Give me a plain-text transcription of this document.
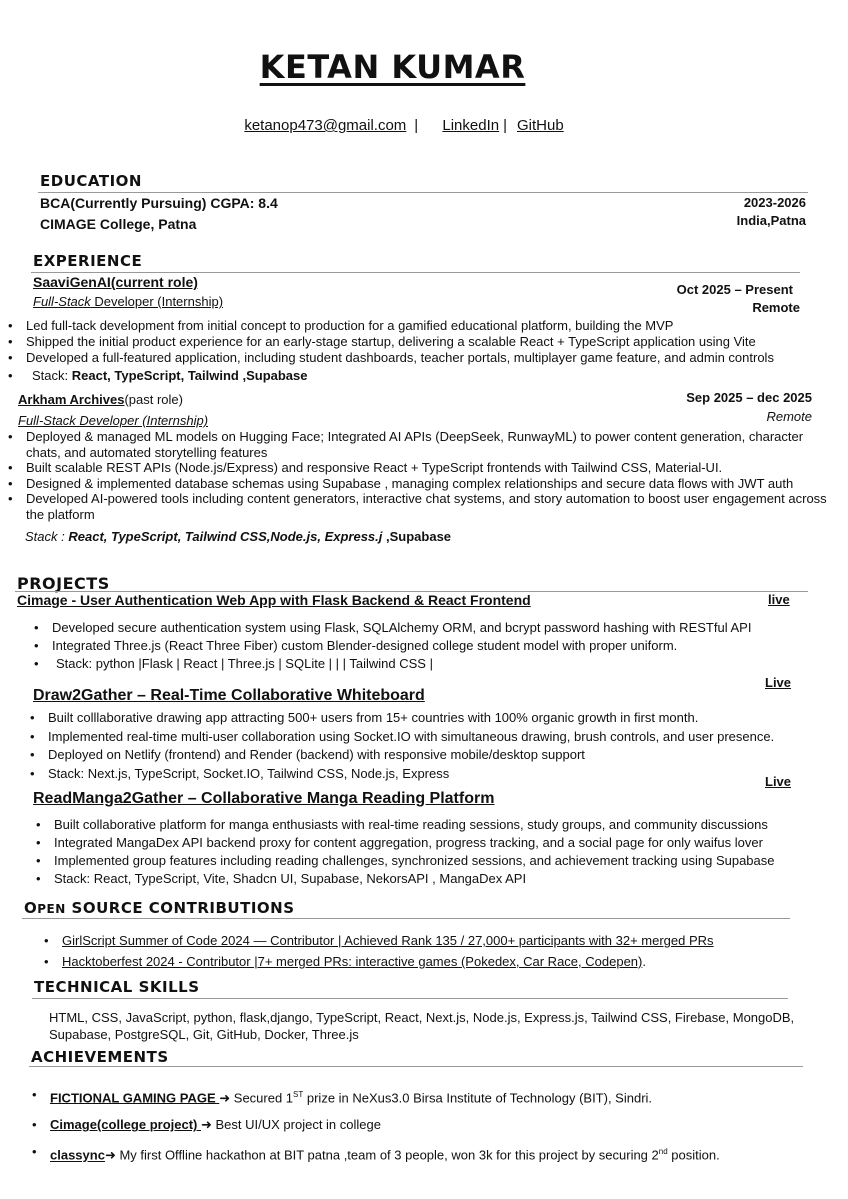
KETAN KUMAR
ketanop473@gmail.com | LinkedIn | GitHub
EDUCATION
BCA(Currently Pursuing) CGPA: 8.4	2023-2026
CIMAGE College, Patna	India,Patna
EXPERIENCE
SaaviGenAI(current role)
Full-Stack Developer (Internship)
Oct 2025 – Present
Remote
• Led full-tack development from initial concept to production for a gamified educational platform, building the MVP
• Shipped the initial product experience for an early-stage startup, delivering a scalable React + TypeScript application using Vite
• Developed a full-featured application, including student dashboards, teacher portals, multiplayer game feature, and admin controls
• Stack: React, TypeScript, Tailwind ,Supabase
Arkham Archives(past role)	Sep 2025 – dec 2025
Remote
Full-Stack Developer (Internship)
• Deployed & managed ML models on Hugging Face; Integrated AI APIs (DeepSeek, RunwayML) to power content generation, character chats, and automated storytelling features
• Built scalable REST APIs (Node.js/Express) and responsive React + TypeScript frontends with Tailwind CSS, Material-UI.
• Designed & implemented database schemas using Supabase , managing complex relationships and secure data flows with JWT auth
• Developed AI-powered tools including content generators, interactive chat systems, and story automation to boost user engagement across the platform
Stack : React, TypeScript, Tailwind CSS,Node.js, Express.j ,Supabase
PROJECTS
Cimage - User Authentication Web App with Flask Backend & React Frontend	live
• Developed secure authentication system using Flask, SQLAlchemy ORM, and bcrypt password hashing with RESTful API
• Integrated Three.js (React Three Fiber) custom Blender-designed college student model with proper uniform.
• Stack: python |Flask | React | Three.js | SQLite | | | Tailwind CSS |
Live
Draw2Gather – Real-Time Collaborative Whiteboard
• Built colllaborative drawing app attracting 500+ users from 15+ countries with 100% organic growth in first month.
• Implemented real-time multi-user collaboration using Socket.IO with simultaneous drawing, brush controls, and user presence.
• Deployed on Netlify (frontend) and Render (backend) with responsive mobile/desktop support
• Stack: Next.js, TypeScript, Socket.IO, Tailwind CSS, Node.js, Express
Live
ReadManga2Gather – Collaborative Manga Reading Platform
• Built collaborative platform for manga enthusiasts with real-time reading sessions, study groups, and community discussions
• Integrated MangaDex API backend proxy for content aggregation, progress tracking, and a social page for only waifus lover
• Implemented group features including reading challenges, synchronized sessions, and achievement tracking using Supabase
• Stack: React, TypeScript, Vite, Shadcn UI, Supabase, NekorsAPI , MangaDex API
OPEN SOURCE CONTRIBUTIONS
• GirlScript Summer of Code 2024 — Contributor | Achieved Rank 135 / 27,000+ participants with 32+ merged PRs
• Hacktoberfest 2024 - Contributor |7+ merged PRs: interactive games (Pokedex, Car Race, Codepen).
TECHNICAL SKILLS
HTML, CSS, JavaScript, python, flask,django, TypeScript, React, Next.js, Node.js, Express.js, Tailwind CSS, Firebase, MongoDB, Supabase, PostgreSQL, Git, GitHub, Docker, Three.js
ACHIEVEMENTS
• FICTIONAL GAMING PAGE ➜ Secured 1ST prize in NeXus3.0 Birsa Institute of Technology (BIT), Sindri.
• Cimage(college project) ➜ Best UI/UX project in college
• classync➜ My first Offline hackathon at BIT patna ,team of 3 people, won 3k for this project by securing 2nd position.
